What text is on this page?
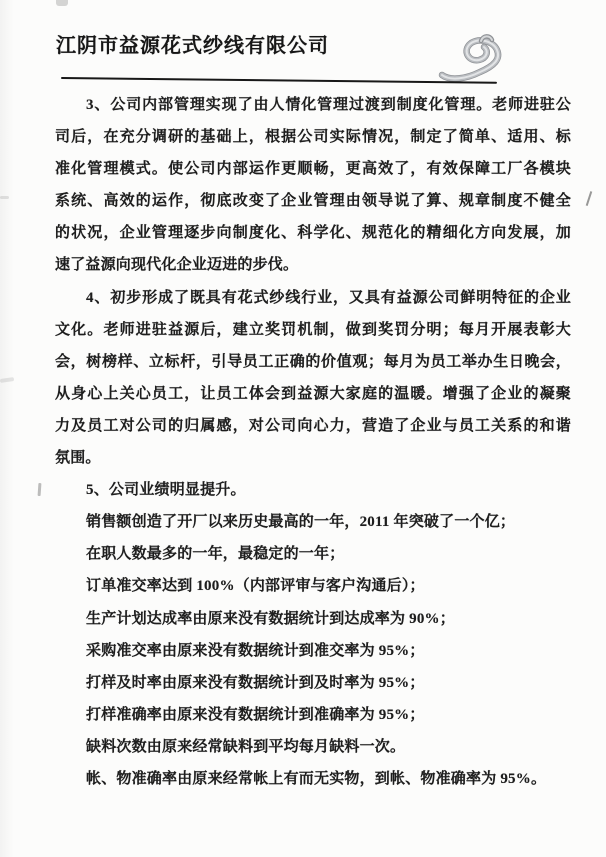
江阴市益源花式纱线有限公司
3、公司内部管理实现了由人情化管理过渡到制度化管理。老师进驻公
司后，在充分调研的基础上，根据公司实际情况，制定了简单、适用、标
准化管理模式。使公司内部运作更顺畅，更高效了，有效保障工厂各模块
系统、高效的运作，彻底改变了企业管理由领导说了算、规章制度不健全
的状况，企业管理逐步向制度化、科学化、规范化的精细化方向发展，加
速了益源向现代化企业迈进的步伐。
4、初步形成了既具有花式纱线行业，又具有益源公司鲜明特征的企业
文化。老师进驻益源后，建立奖罚机制，做到奖罚分明；每月开展表彰大
会，树榜样、立标杆，引导员工正确的价值观；每月为员工举办生日晚会，
从身心上关心员工，让员工体会到益源大家庭的温暖。增强了企业的凝聚
力及员工对公司的归属感，对公司向心力，营造了企业与员工关系的和谐
氛围。
5、公司业绩明显提升。
销售额创造了开厂以来历史最高的一年，2011 年突破了一个亿；
在职人数最多的一年，最稳定的一年；
订单准交率达到 100%（内部评审与客户沟通后）；
生产计划达成率由原来没有数据统计到达成率为 90%；
采购准交率由原来没有数据统计到准交率为 95%；
打样及时率由原来没有数据统计到及时率为 95%；
打样准确率由原来没有数据统计到准确率为 95%；
缺料次数由原来经常缺料到平均每月缺料一次。
帐、物准确率由原来经常帐上有而无实物，到帐、物准确率为 95%。
